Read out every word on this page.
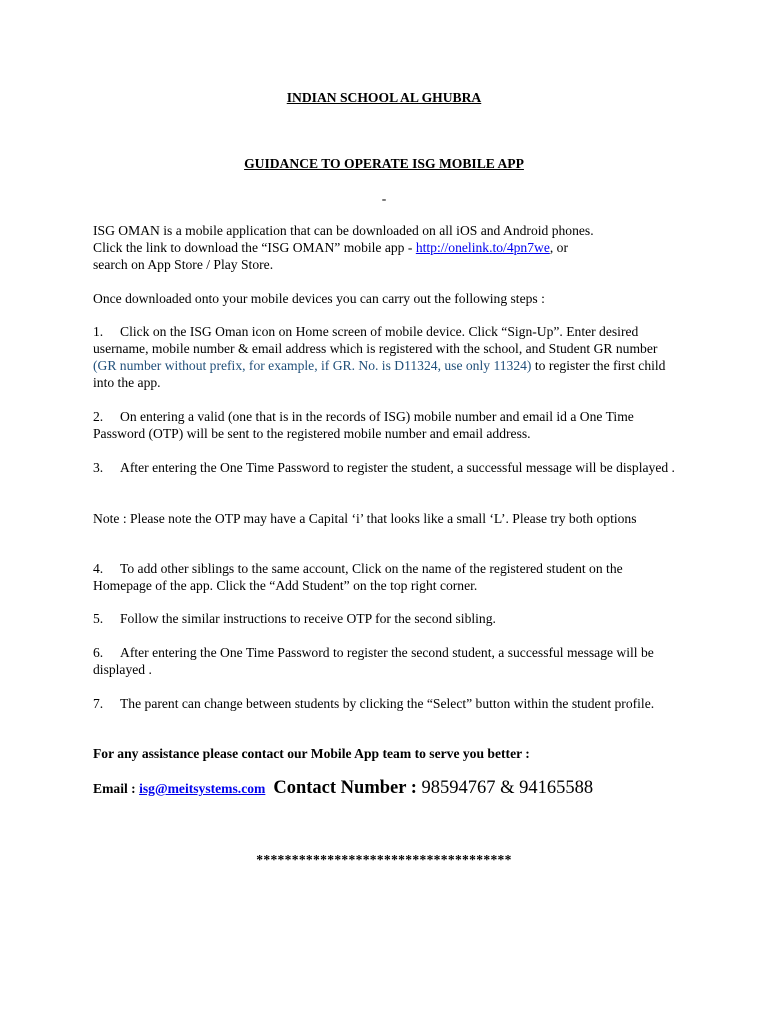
INDIAN SCHOOL AL GHUBRA
GUIDANCE TO OPERATE ISG MOBILE APP
-

ISG OMAN is a mobile application that can be downloaded on all iOS and Android phones.
Click the link to download the “ISG OMAN” mobile app - http://onelink.to/4pn7we, or
search on App Store / Play Store.

Once downloaded onto your mobile devices you can carry out the following steps :

1. Click on the ISG Oman icon on Home screen of mobile device. Click “Sign-Up”. Enter desired username, mobile number & email address which is registered with the school, and Student GR number (GR number without prefix, for example, if GR. No. is D11324, use only 11324) to register the first child into the app.

2. On entering a valid (one that is in the records of ISG) mobile number and email id a One Time Password (OTP) will be sent to the registered mobile number and email address.

3. After entering the One Time Password to register the student, a successful message will be displayed .

Note : Please note the OTP may have a Capital ‘i’ that looks like a small ‘L’. Please try both options

4. To add other siblings to the same account, Click on the name of the registered student on the Homepage of the app. Click the “Add Student” on the top right corner.

5. Follow the similar instructions to receive OTP for the second sibling.

6. After entering the One Time Password to register the second student, a successful message will be displayed .

7. The parent can change between students by clicking the “Select” button within the student profile.

For any assistance please contact our Mobile App team to serve you better :

Email : isg@meitsystems.com Contact Number : 98594767 & 94165588
************************************
